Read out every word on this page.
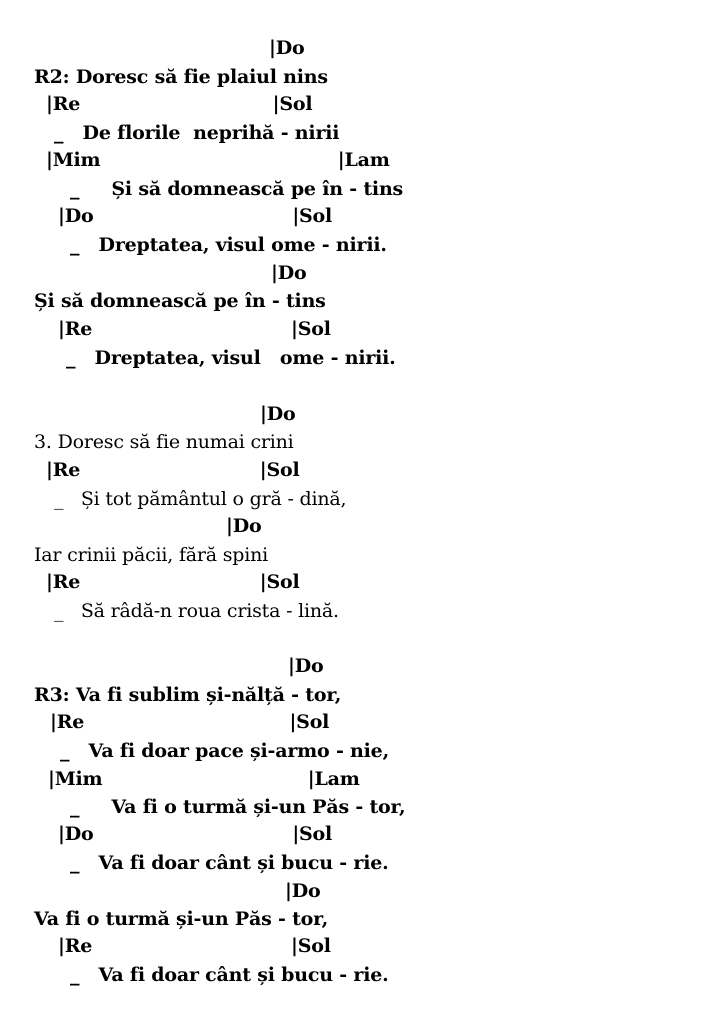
|Do
R2: Doresc să fie plaiul nins
|Re                              |Sol
_   De florile  neprihă - nirii
|Mim                                     |Lam
_     Și să domnească pe în - tins
|Do                               |Sol
_   Dreptatea, visul ome - nirii.
|Do
Și să domnească pe în - tins
|Re                               |Sol
_   Dreptatea, visul   ome - nirii.
|Do
3. Doresc să fie numai crini
|Re                            |Sol
_   Și tot pământul o gră - dină,
|Do
Iar crinii păcii, fără spini
|Re                            |Sol
_   Să râdă-n roua crista - lină.
|Do
R3: Va fi sublim și-nălță - tor,
|Re                                |Sol
_   Va fi doar pace și-armo - nie,
|Mim                                |Lam
_     Va fi o turmă și-un Păs - tor,
|Do                               |Sol
_   Va fi doar cânt și bucu - rie.
|Do
Va fi o turmă și-un Păs - tor,
|Re                               |Sol
_   Va fi doar cânt și bucu - rie.
